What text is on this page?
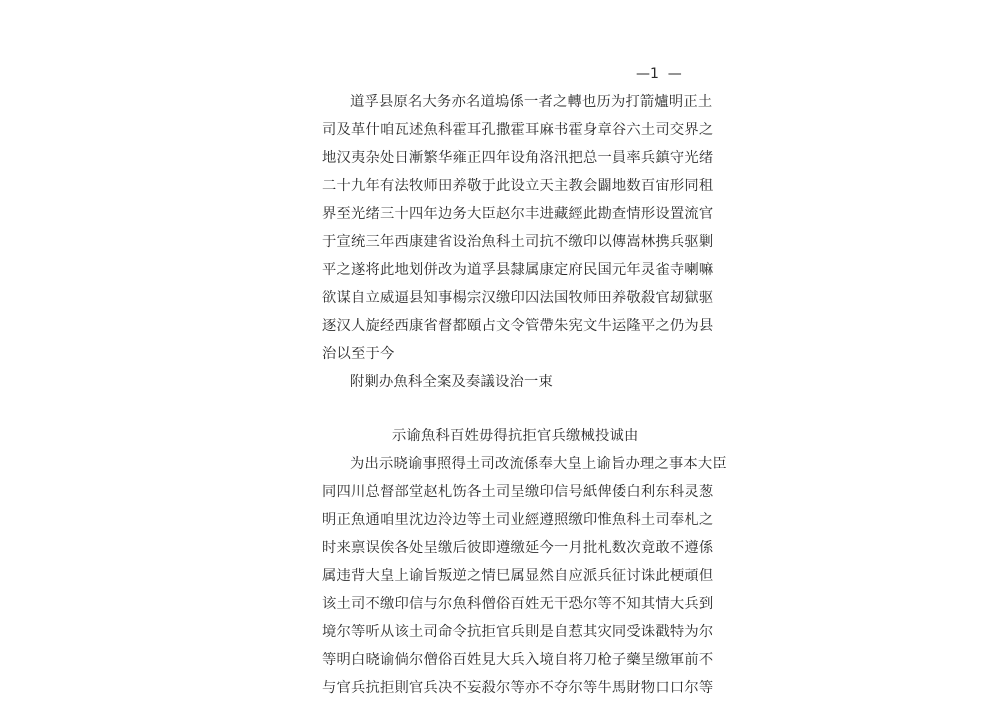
—1  —
道孚县原名大务亦名道塢係一者之轉也历为打箭爐明正土
司及革什咱瓦述魚科霍耳孔撒霍耳麻书霍身章谷六土司交界之
地汉夷杂处日漸繁华雍正四年设角洛汛把总一員率兵鎮守光绪
二十九年有法牧师田养敬于此设立天主教会闢地数百宙形同租
界至光绪三十四年边务大臣赵尔丰进藏經此勘查情形设置流官
于宣统三年西康建省设治魚科土司抗不缴印以傳嵩林携兵驱剿
平之遂将此地划併改为道孚县隸属康定府民国元年灵雀寺喇嘛
欲谋自立威逼县知事楊宗汉缴印囚法国牧师田养敬殺官刼獄驱
逐汉人旋经西康省督都頤占文令管帶朱宪文牛运隆平之仍为县
治以至于今
附剿办魚科全案及奏議设治一束
示谕魚科百姓毋得抗拒官兵缴械投诚由
为出示晓谕事照得土司改流係奉大皇上谕旨办理之事本大臣
同四川总督部堂赵札饬各土司呈缴印信号紙俾倭白利东科灵葱
明正魚通咱里沈边泠边等土司业經遵照缴印惟魚科土司奉札之
时来禀误俟各处呈缴后彼即遵缴延今一月批札数次竟敢不遵係
属违背大皇上谕旨叛逆之情巳属显然自应派兵征讨诛此梗頑但
该土司不缴印信与尔魚科僧俗百姓无干恐尔等不知其情大兵到
境尔等听从该土司命令抗拒官兵則是自惹其灾同受诛戳特为尔
等明白晓谕倘尔僧俗百姓見大兵入境自将刀枪子藥呈缴軍前不
与官兵抗拒則官兵决不妄殺尔等亦不夺尔等牛馬財物口口尔等
